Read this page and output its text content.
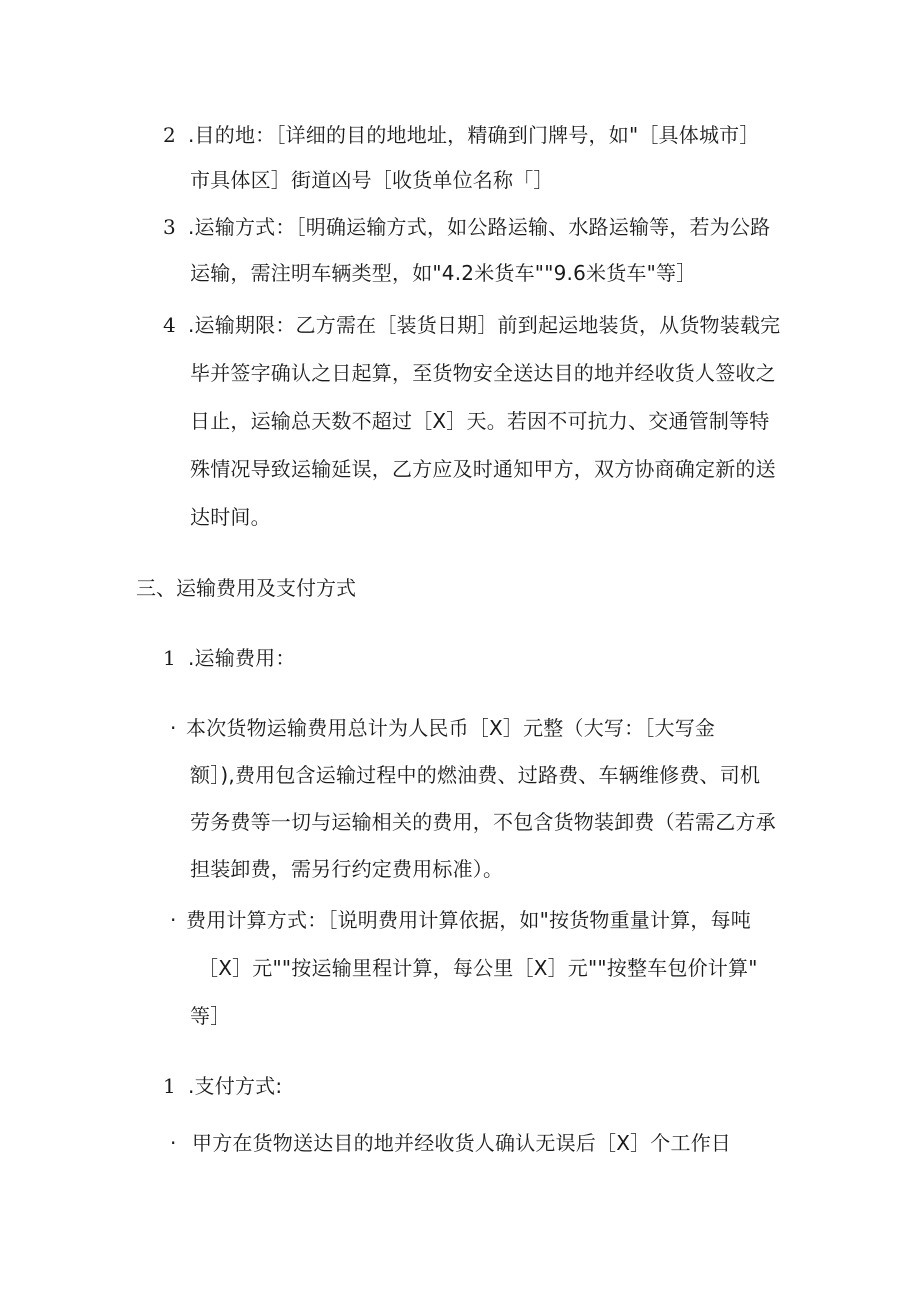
2 .目的地：［详细的目的地地址，精确到门牌号，如"［具体城市］
市具体区］街道凶号［收货单位名称「］
3 .运输方式：［明确运输方式，如公路运输、水路运输等，若为公路
运输，需注明车辆类型，如"4.2米货车""9.6米货车"等］
4 .运输期限：乙方需在［装货日期］前到起运地装货，从货物装载完
毕并签字确认之日起算，至货物安全送达目的地并经收货人签收之
日止，运输总天数不超过［X］天。若因不可抗力、交通管制等特
殊情况导致运输延误，乙方应及时通知甲方，双方协商确定新的送
达时间。
三、运输费用及支付方式
1 .运输费用：
· 本次货物运输费用总计为人民币［X］元整（大写：［大写金
额］),费用包含运输过程中的燃油费、过路费、车辆维修费、司机
劳务费等一切与运输相关的费用，不包含货物装卸费（若需乙方承
担装卸费，需另行约定费用标准）。
· 费用计算方式：［说明费用计算依据，如"按货物重量计算，每吨
［X］元""按运输里程计算，每公里［X］元""按整车包价计算"
等］
1 .支付方式:
· 甲方在货物送达目的地并经收货人确认无误后［X］个工作日
